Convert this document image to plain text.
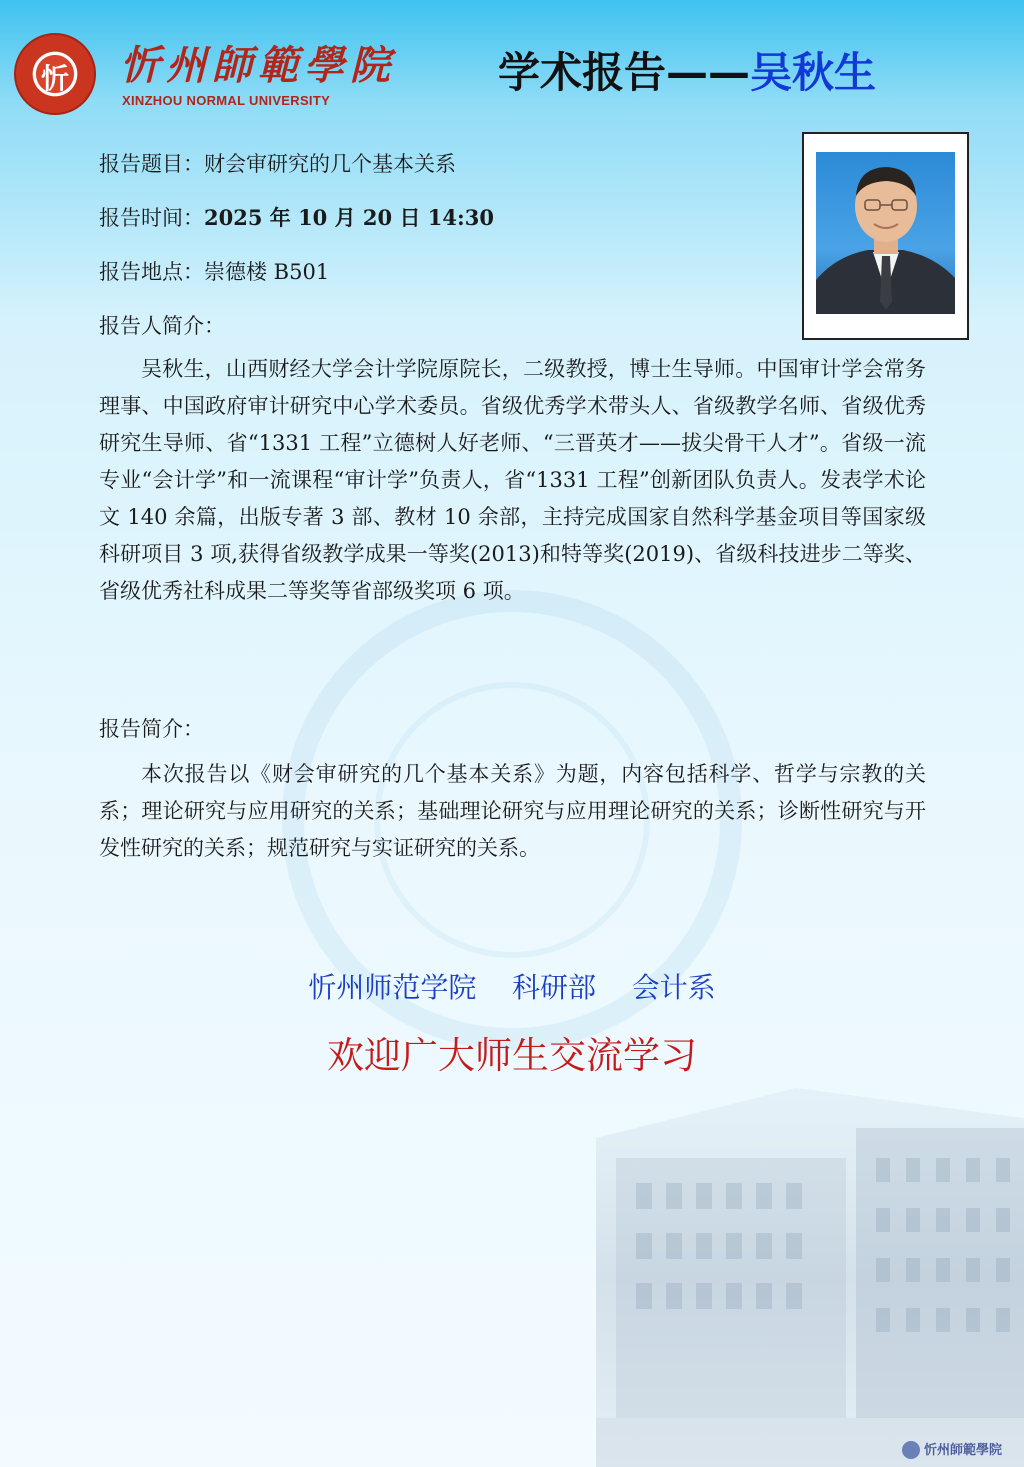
忻	忻州師範學院
XINZHOU NORMAL UNIVERSITY
学术报告——吴秋生
报告题目：财会审研究的几个基本关系
报告时间：2025 年 10 月 20 日 14:30
报告地点：崇德楼 B501
报告人简介：

吴秋生，山西财经大学会计学院原院长，二级教授，博士生导师。中国审计学会常务理事、中国政府审计研究中心学术委员。省级优秀学术带头人、省级教学名师、省级优秀研究生导师、省“1331 工程”立德树人好老师、“三晋英才——拔尖骨干人才”。省级一流专业“会计学”和一流课程“审计学”负责人，省“1331 工程”创新团队负责人。发表学术论文 140 余篇，出版专著 3 部、教材 10 余部，主持完成国家自然科学基金项目等国家级科研项目 3 项,获得省级教学成果一等奖(2013)和特等奖(2019)、省级科技进步二等奖、省级优秀社科成果二等奖等省部级奖项 6 项。

报告简介：

本次报告以《财会审研究的几个基本关系》为题，内容包括科学、哲学与宗教的关系；理论研究与应用研究的关系；基础理论研究与应用理论研究的关系；诊断性研究与开发性研究的关系；规范研究与实证研究的关系。

忻州师范学院    科研部    会计系
欢迎广大师生交流学习
忻州師範學院
